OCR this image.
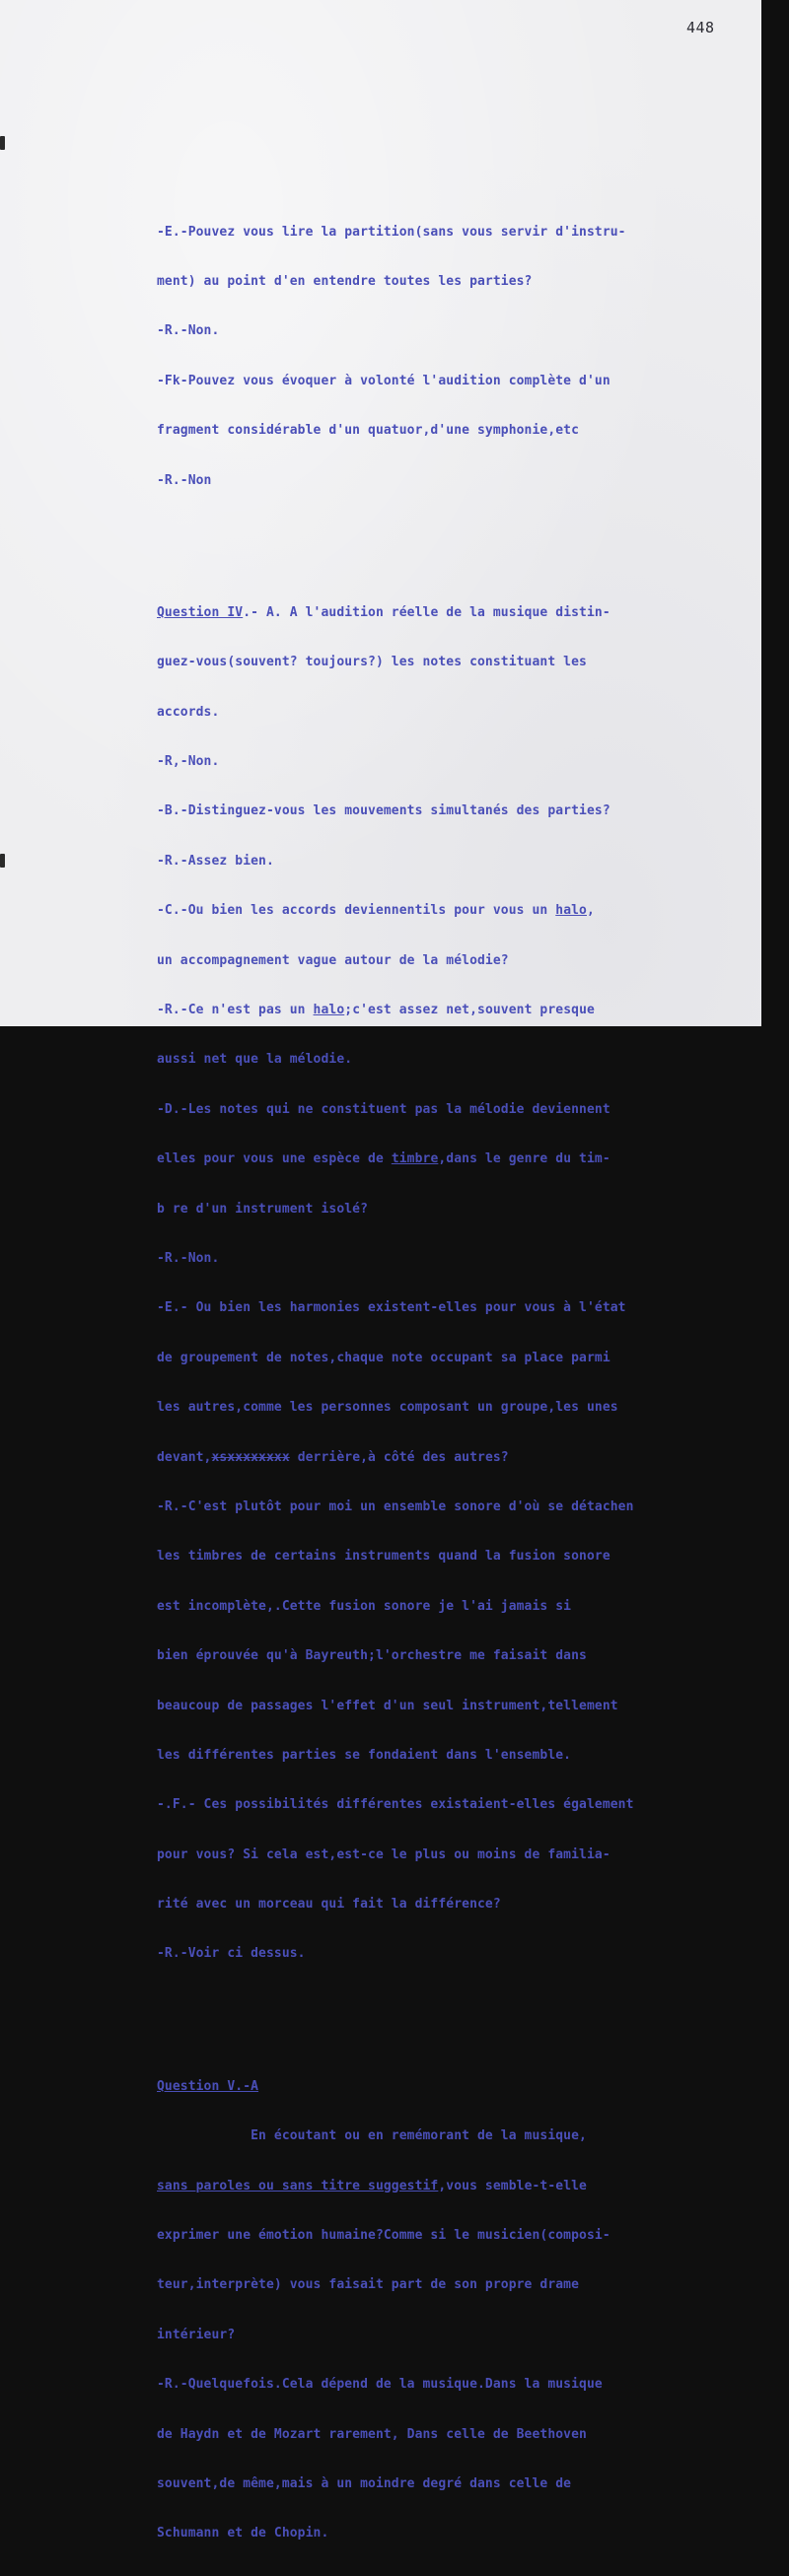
448

-E.-Pouvez vous lire la partition(sans vous servir d'instru-

ment) au point d'en entendre toutes les parties?

-R.-Non.

-Fk-Pouvez vous évoquer à volonté l'audition complète d'un

fragment considérable d'un quatuor,d'une symphonie,etc

-R.-Non

Question IV.- A. A l'audition réelle de la musique distin-

guez-vous(souvent? toujours?) les notes constituant les

accords.

-R,-Non.

-B.-Distinguez-vous les mouvements simultanés des parties?

-R.-Assez bien.

-C.-Ou bien les accords deviennentils pour vous un halo,

un accompagnement vague autour de la mélodie?

-R.-Ce n'est pas un halo;c'est assez net,souvent presque

aussi net que la mélodie.

-D.-Les notes qui ne constituent pas la mélodie deviennent

elles pour vous une espèce de timbre,dans le genre du tim-

b re d'un instrument isolé?

-R.-Non.

-E.- Ou bien les harmonies existent-elles pour vous à l'état

de groupement de notes,chaque note occupant sa place parmi

les autres,comme les personnes composant un groupe,les unes

devant,xsxxxxxxxx derrière,à côté des autres?

-R.-C'est plutôt pour moi un ensemble sonore d'où se détachen

les timbres de certains instruments quand la fusion sonore

est incomplète,.Cette fusion sonore je l'ai jamais si

bien éprouvée qu'à Bayreuth;l'orchestre me faisait dans

beaucoup de passages l'effet d'un seul instrument,tellement

les différentes parties se fondaient dans l'ensemble.

-.F.- Ces possibilités différentes existaient-elles également

pour vous? Si cela est,est-ce le plus ou moins de familia-

rité avec un morceau qui fait la différence?

-R.-Voir ci dessus.

Question V.-A

En écoutant ou en remémorant de la musique,

sans paroles ou sans titre suggestif,vous semble-t-elle

exprimer une émotion humaine?Comme si le musicien(composi-

teur,interprète) vous faisait part de son propre drame

intérieur?

-R.-Quelquefois.Cela dépend de la musique.Dans la musique

de Haydn et de Mozart rarement, Dans celle de Beethoven

souvent,de même,mais à un moindre degré dans celle de

Schumann et de Chopin.
